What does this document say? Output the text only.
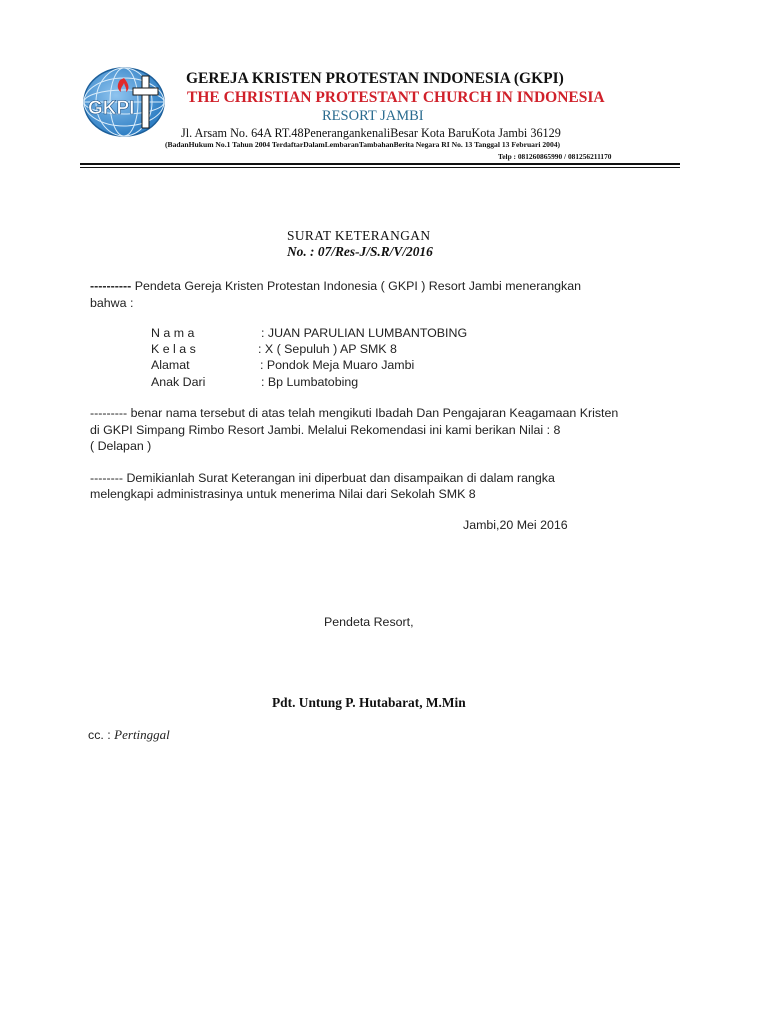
GKPI
GEREJA KRISTEN PROTESTAN INDONESIA (GKPI)
THE CHRISTIAN PROTESTANT CHURCH IN INDONESIA
RESORT JAMBI
Jl. Arsam No. 64A RT.48PenerangankenaliBesar Kota BaruKota Jambi 36129
(BadanHukum No.1 Tahun 2004 TerdaftarDalamLembaranTambahanBerita Negara RI No. 13 Tanggal 13 Februari 2004)
Telp : 081260865990 / 081256211170
SURAT KETERANGAN
No. : 07/Res-J/S.R/V/2016
---------- Pendeta Gereja Kristen Protestan Indonesia ( GKPI ) Resort Jambi menerangkan
bahwa :
N a m a	: JUAN PARULIAN LUMBANTOBING
K e l a s	: X ( Sepuluh ) AP SMK 8
Alamat	: Pondok Meja Muaro Jambi
Anak Dari	: Bp Lumbatobing
--------- benar nama tersebut di atas telah mengikuti Ibadah Dan Pengajaran Keagamaan Kristen
di GKPI Simpang Rimbo Resort Jambi. Melalui Rekomendasi ini kami berikan Nilai : 8
( Delapan )
-------- Demikianlah Surat Keterangan ini diperbuat dan disampaikan di dalam rangka
melengkapi administrasinya untuk menerima Nilai dari Sekolah SMK 8
Jambi,20 Mei 2016
Pendeta Resort,
Pdt. Untung P. Hutabarat, M.Min
cc. : Pertinggal
